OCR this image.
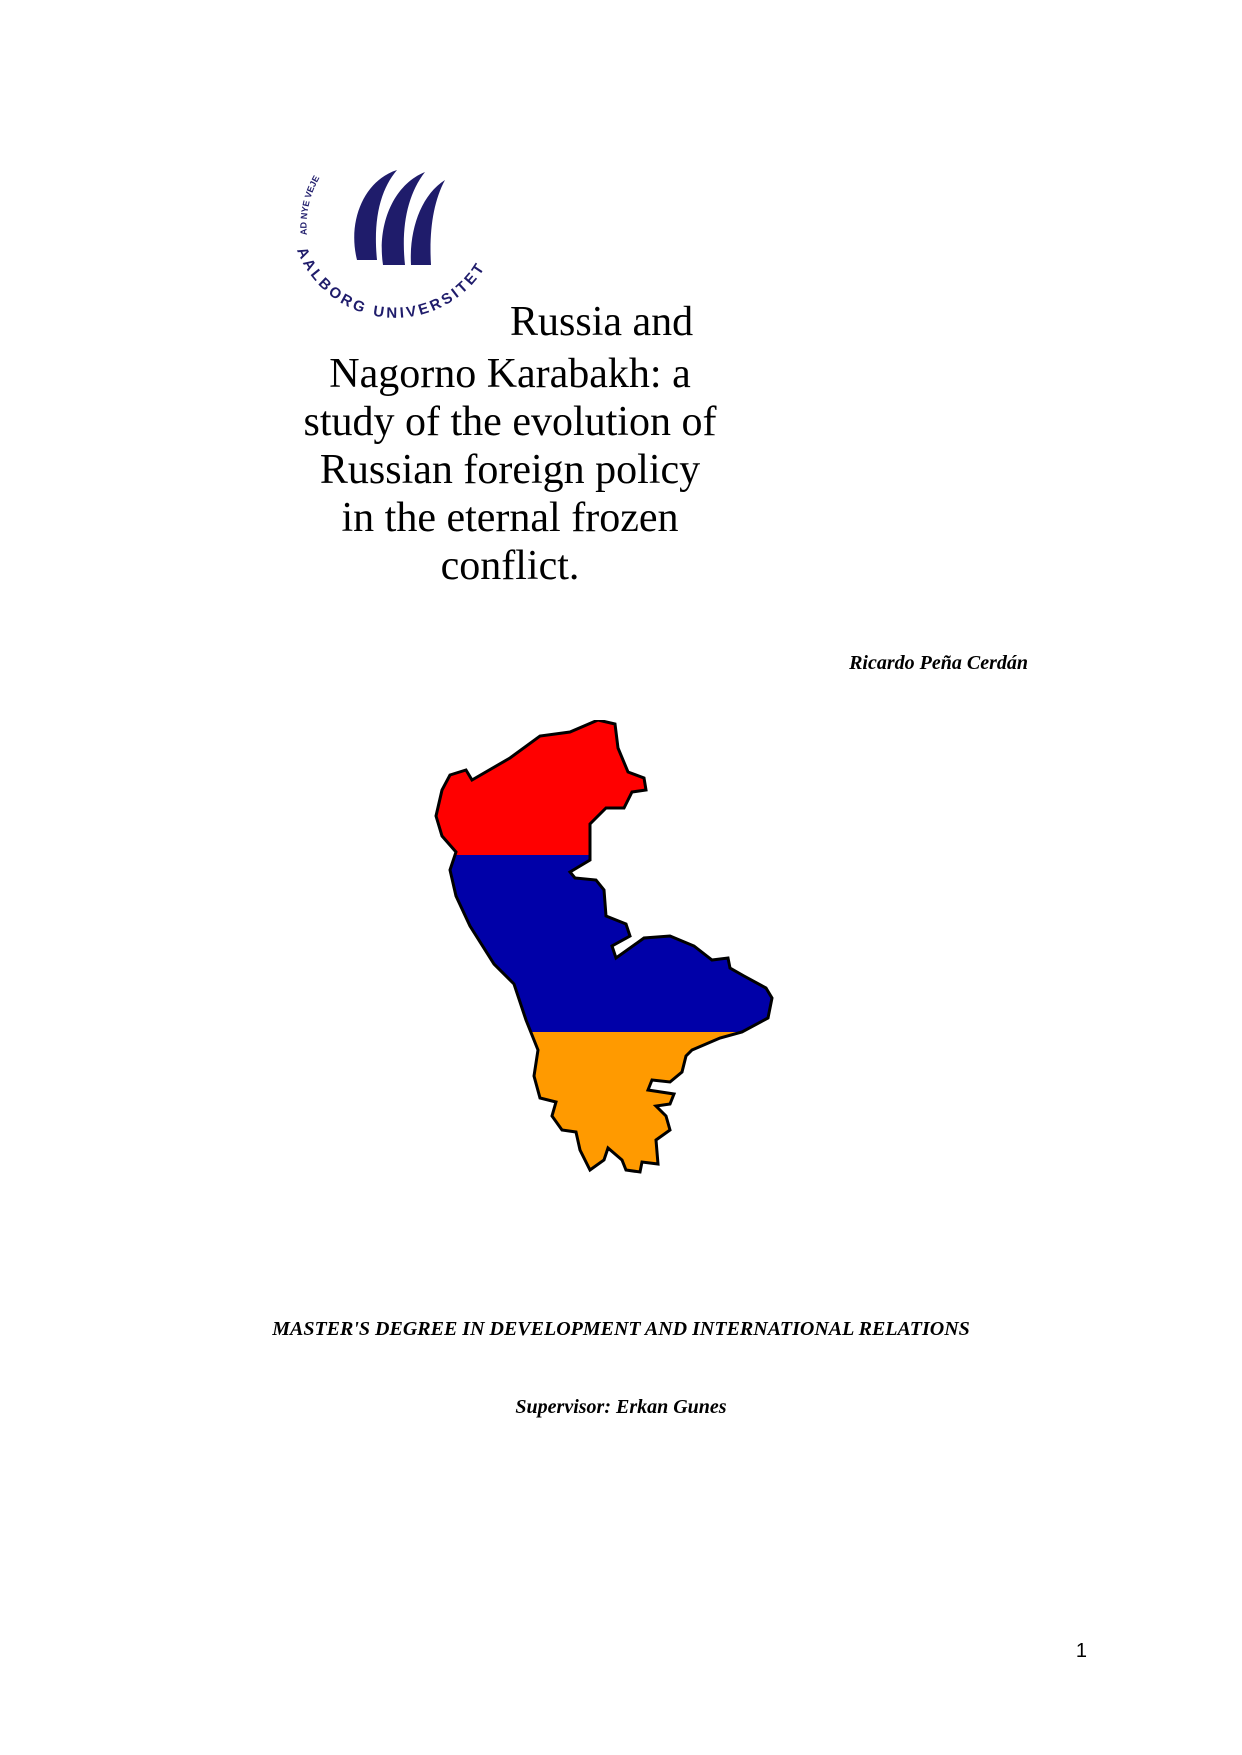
AD NYE VEJE
AALBORG UNIVERSITET
Russia and
Nagorno Karabakh: a
study of the evolution of
Russian foreign policy
in the eternal frozen
conflict.
Ricardo Peña Cerdán
MASTER'S DEGREE IN DEVELOPMENT AND INTERNATIONAL RELATIONS
Supervisor: Erkan Gunes
1
